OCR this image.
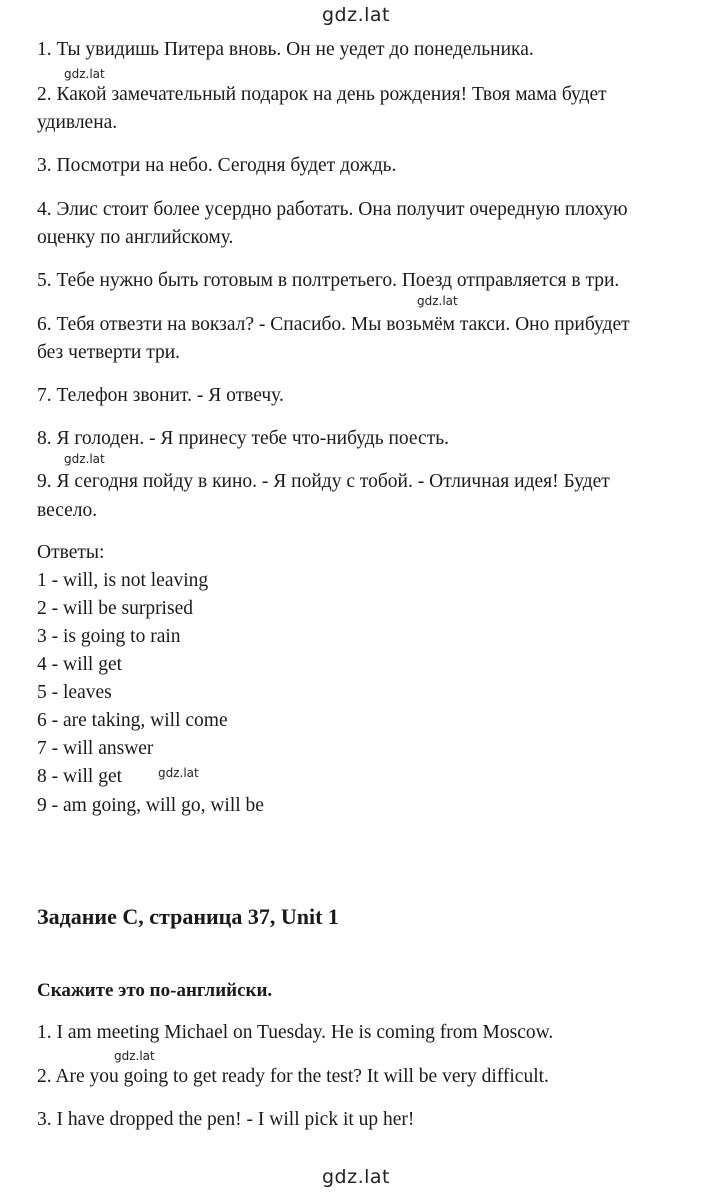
gdz.lat
1. Ты увидишь Питера вновь. Он не уедет до понедельника.
gdz.lat
2. Какой замечательный подарок на день рождения! Твоя мама будет
удивлена.
3. Посмотри на небо. Сегодня будет дождь.
4. Элис стоит более усердно работать. Она получит очередную плохую
оценку по английскому.
5. Тебе нужно быть готовым в полтретьего. Поезд отправляется в три.
gdz.lat
6. Тебя отвезти на вокзал? - Спасибо. Мы возьмём такси. Оно прибудет
без четверти три.
7. Телефон звонит. - Я отвечу.
8. Я голоден. - Я принесу тебе что-нибудь поесть.
gdz.lat
9. Я сегодня пойду в кино. - Я пойду с тобой. - Отличная идея! Будет
весело.
Ответы:
1 - will, is not leaving
2 - will be surprised
3 - is going to rain
4 - will get
5 - leaves
6 - are taking, will come
7 - will answer
8 - will get	gdz.lat
9 - am going, will go, will be
Задание C, страница 37, Unit 1
Скажите это по-английски.
1. I am meeting Michael on Tuesday. He is coming from Moscow.
gdz.lat
2. Are you going to get ready for the test? It will be very difficult.
3. I have dropped the pen! - I will pick it up her!
gdz.lat
